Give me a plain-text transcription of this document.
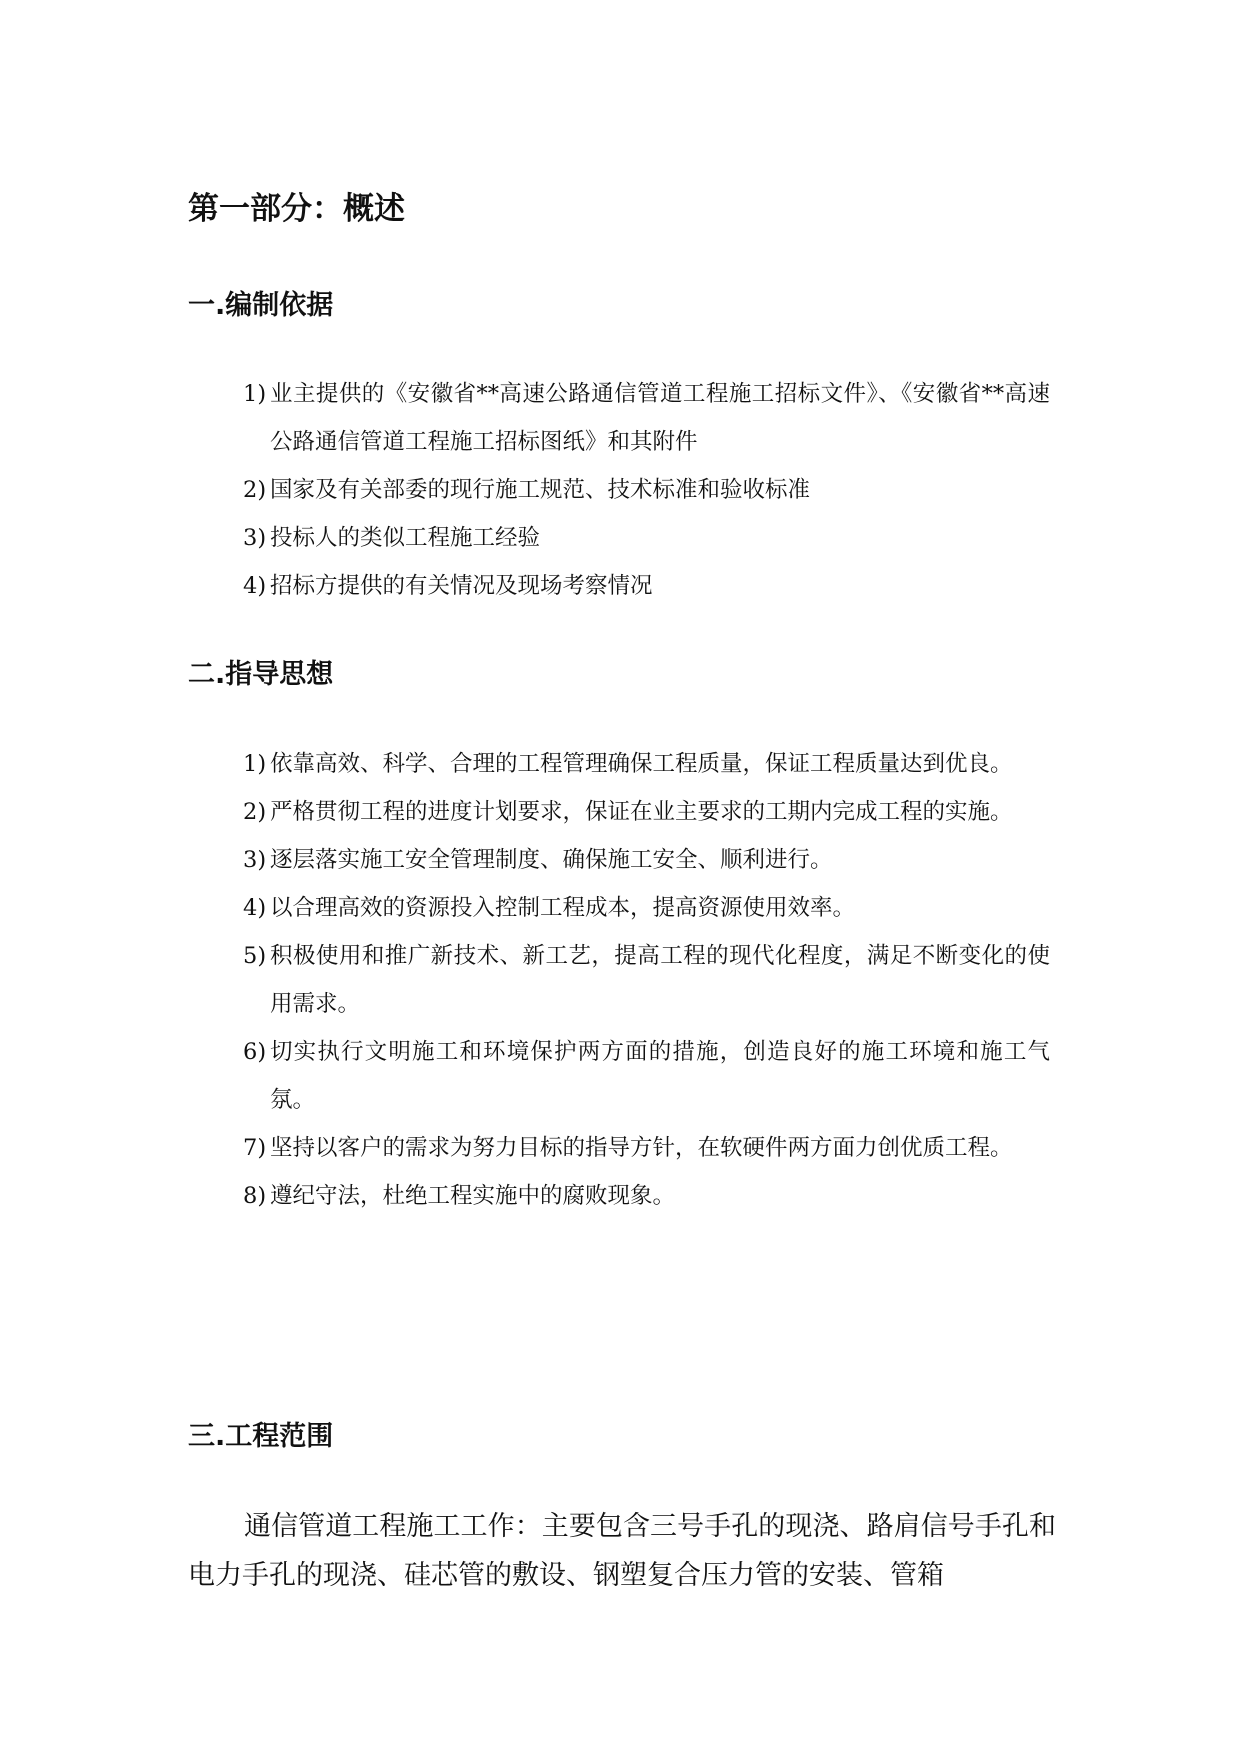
第一部分：概述
一.编制依据
1) 业主提供的《安徽省**高速公路通信管道工程施工招标文件》、《安徽省**高速公路通信管道工程施工招标图纸》和其附件
2) 国家及有关部委的现行施工规范、技术标准和验收标准
3) 投标人的类似工程施工经验
4) 招标方提供的有关情况及现场考察情况
二.指导思想
1) 依靠高效、科学、合理的工程管理确保工程质量，保证工程质量达到优良。
2) 严格贯彻工程的进度计划要求，保证在业主要求的工期内完成工程的实施。
3) 逐层落实施工安全管理制度、确保施工安全、顺利进行。
4) 以合理高效的资源投入控制工程成本，提高资源使用效率。
5) 积极使用和推广新技术、新工艺，提高工程的现代化程度，满足不断变化的使用需求。
6) 切实执行文明施工和环境保护两方面的措施，创造良好的施工环境和施工气氛。
7) 坚持以客户的需求为努力目标的指导方针，在软硬件两方面力创优质工程。
8) 遵纪守法，杜绝工程实施中的腐败现象。
三.工程范围

通信管道工程施工工作：主要包含三号手孔的现浇、路肩信号手孔和电力手孔的现浇、硅芯管的敷设、钢塑复合压力管的安装、管箱
